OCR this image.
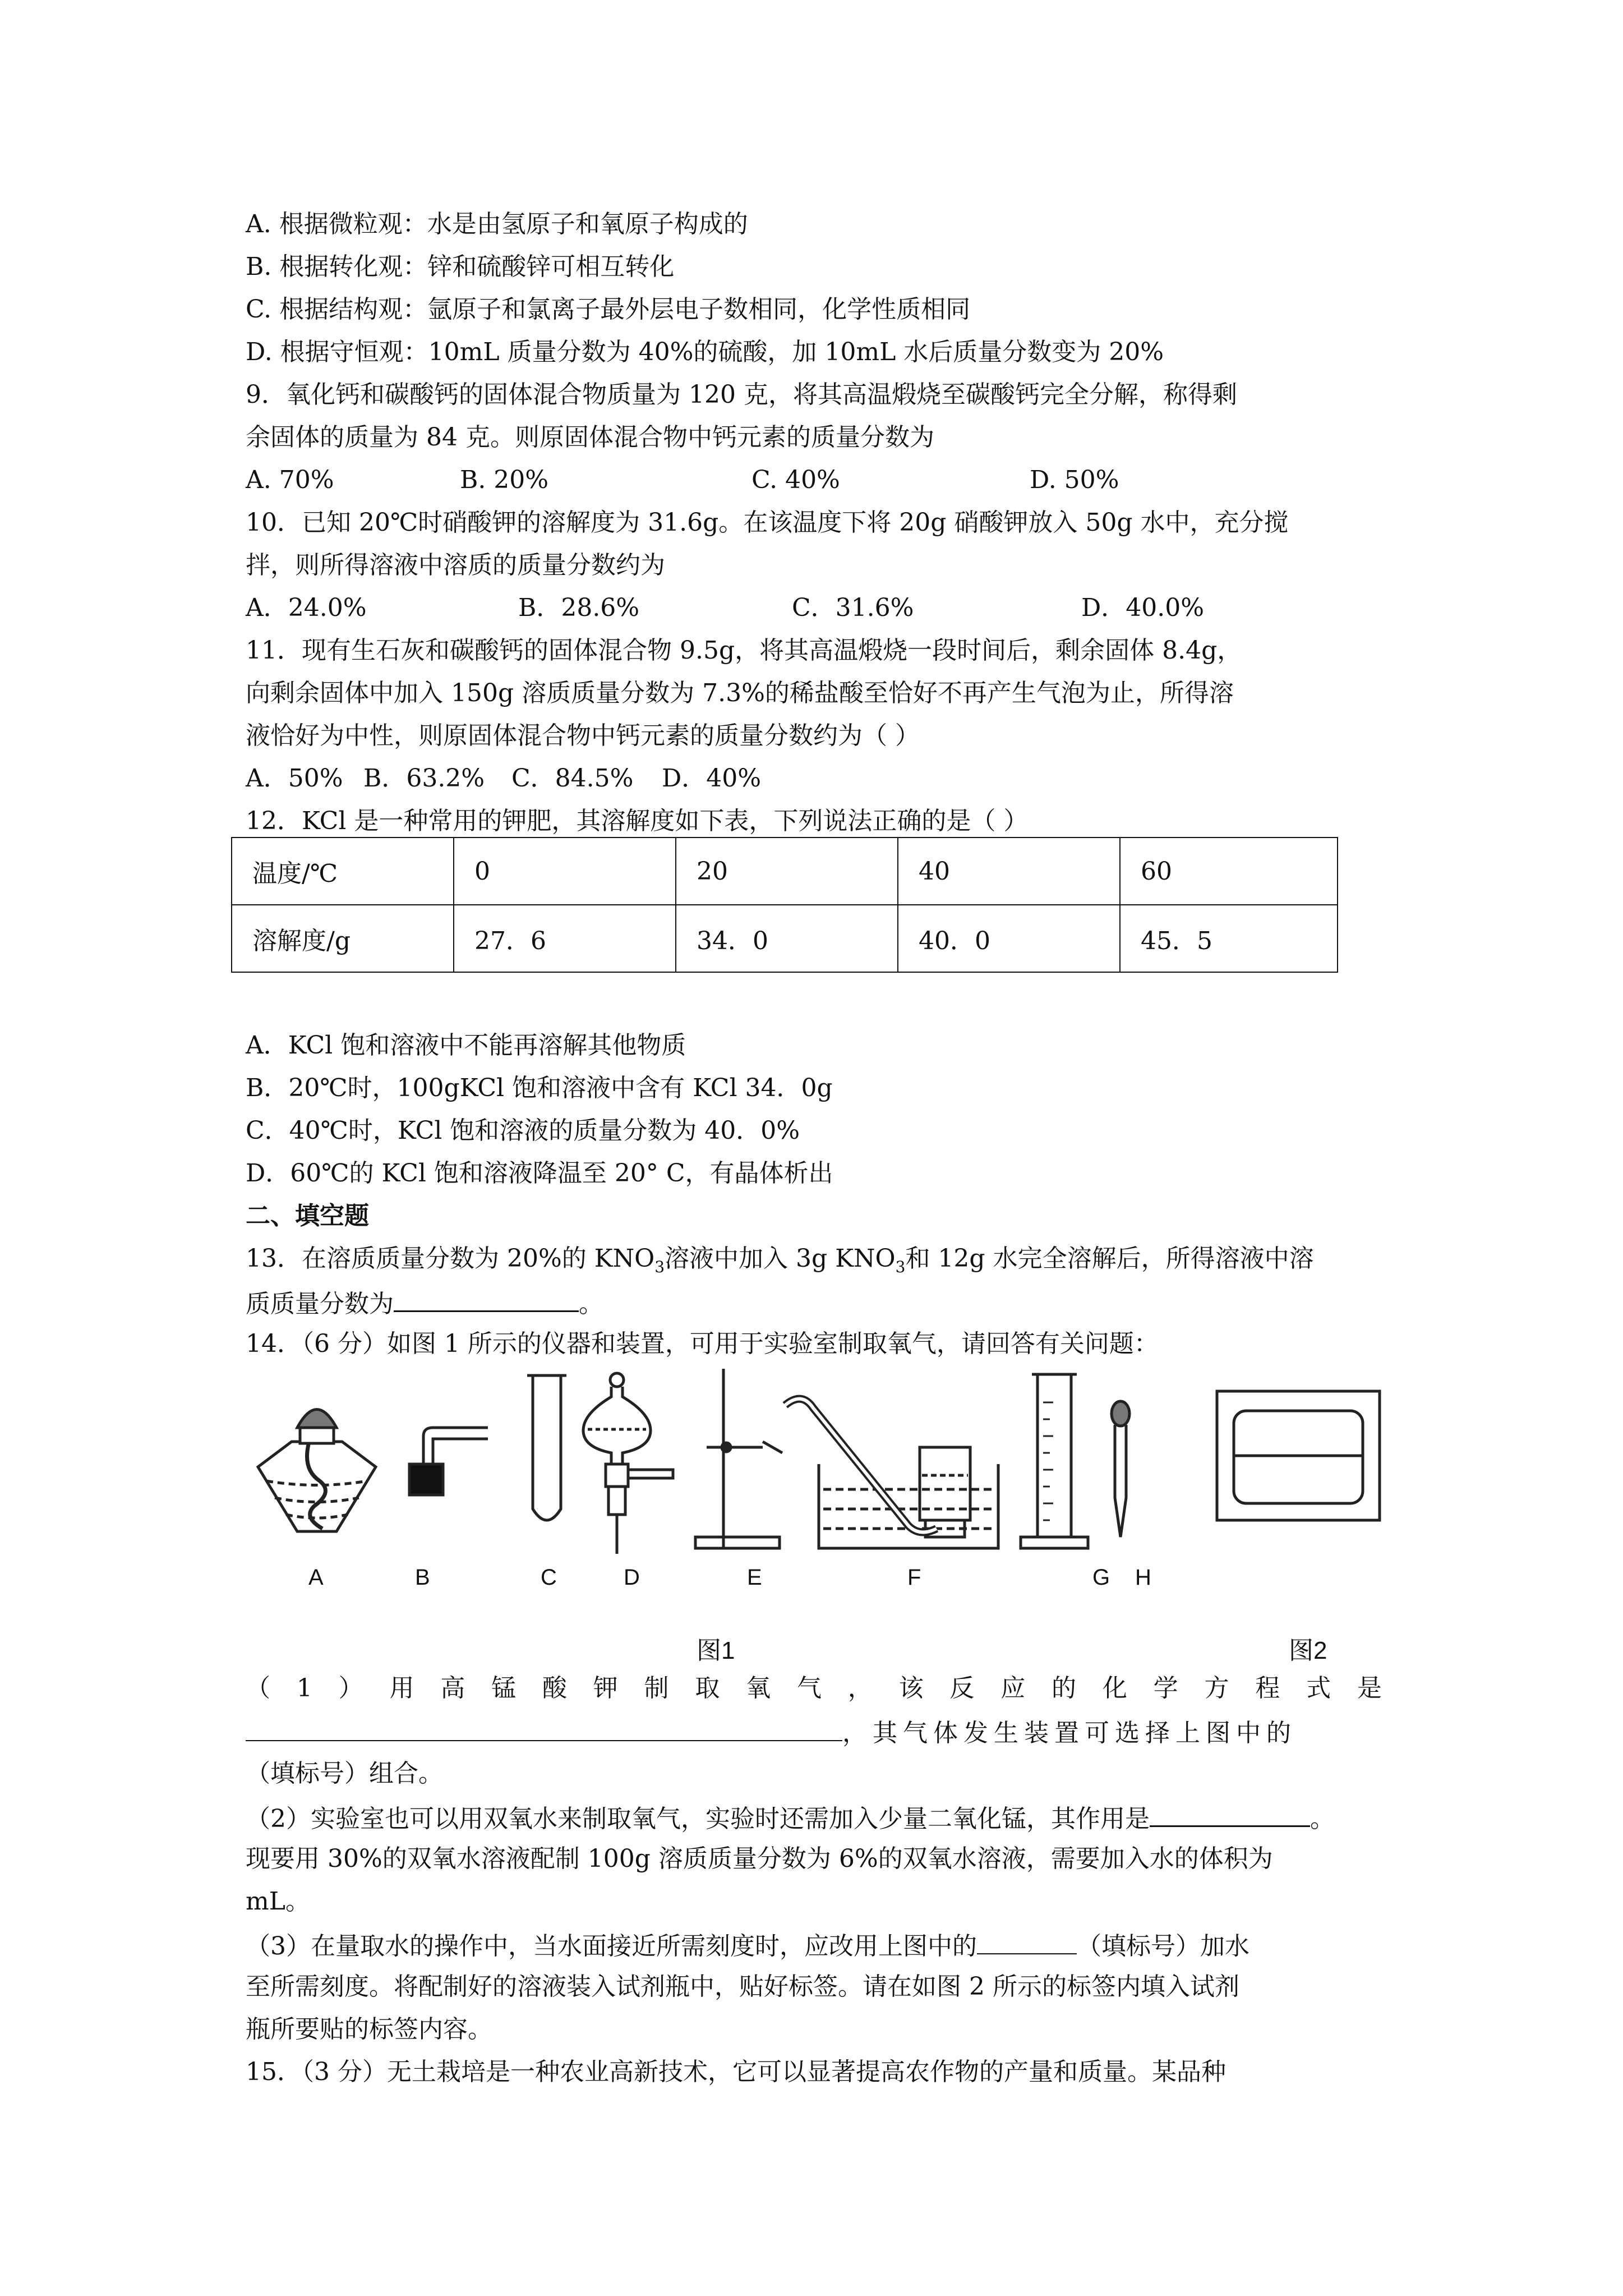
A. 根据微粒观：水是由氢原子和氧原子构成的
B. 根据转化观：锌和硫酸锌可相互转化
C. 根据结构观：氩原子和氯离子最外层电子数相同，化学性质相同
D. 根据守恒观：10mL 质量分数为 40%的硫酸，加 10mL 水后质量分数变为 20%
9．氧化钙和碳酸钙的固体混合物质量为 120 克，将其高温煅烧至碳酸钙完全分解，称得剩
余固体的质量为 84 克。则原固体混合物中钙元素的质量分数为
A. 70%	B. 20%	C. 40%	D. 50%
10．已知 20℃时硝酸钾的溶解度为 31.6g。在该温度下将 20g 硝酸钾放入 50g 水中，充分搅
拌，则所得溶液中溶质的质量分数约为
A．24.0%	B．28.6%	C．31.6%	D．40.0%
11．现有生石灰和碳酸钙的固体混合物 9.5g，将其高温煅烧一段时间后，剩余固体 8.4g，
向剩余固体中加入 150g 溶质质量分数为 7.3%的稀盐酸至恰好不再产生气泡为止，所得溶
液恰好为中性，则原固体混合物中钙元素的质量分数约为（ ）
A．50% B．63.2% C．84.5% D．40%
12．KCl 是一种常用的钾肥，其溶解度如下表，下列说法正确的是（ ）
温度/℃	0	20	40	60
溶解度/g	27．6	34．0	40．0	45．5
A．KCl 饱和溶液中不能再溶解其他物质
B．20℃时，100gKCl 饱和溶液中含有 KCl 34．0g
C．40℃时，KCl 饱和溶液的质量分数为 40．0%
D．60℃的 KCl 饱和溶液降温至 20° C，有晶体析出
二、填空题
13．在溶质质量分数为 20%的 $KNO_3$溶液中加入 3g $KNO_3$和 12g 水完全溶解后，所得溶液中溶
质质量分数为	。
14．（6 分）如图 1 所示的仪器和装置，可用于实验室制取氧气，请回答有关问题：
A	B	C	D	E	F	G H
图1	图2
（ 1 ） 用 高 锰 酸 钾 制 取 氧 气 ， 该 反 应 的 化 学 方 程 式 是
，其气体发生装置可选择上图中的
（填标号）组合。
（2）实验室也可以用双氧水来制取氧气，实验时还需加入少量二氧化锰，其作用是	。
现要用 30%的双氧水溶液配制 100g 溶质质量分数为 6%的双氧水溶液，需要加入水的体积为
mL。
（3）在量取水的操作中，当水面接近所需刻度时，应改用上图中的	（填标号）加水
至所需刻度。将配制好的溶液装入试剂瓶中，贴好标签。请在如图 2 所示的标签内填入试剂
瓶所要贴的标签内容。
15．（3 分）无土栽培是一种农业高新技术，它可以显著提高农作物的产量和质量。某品种
